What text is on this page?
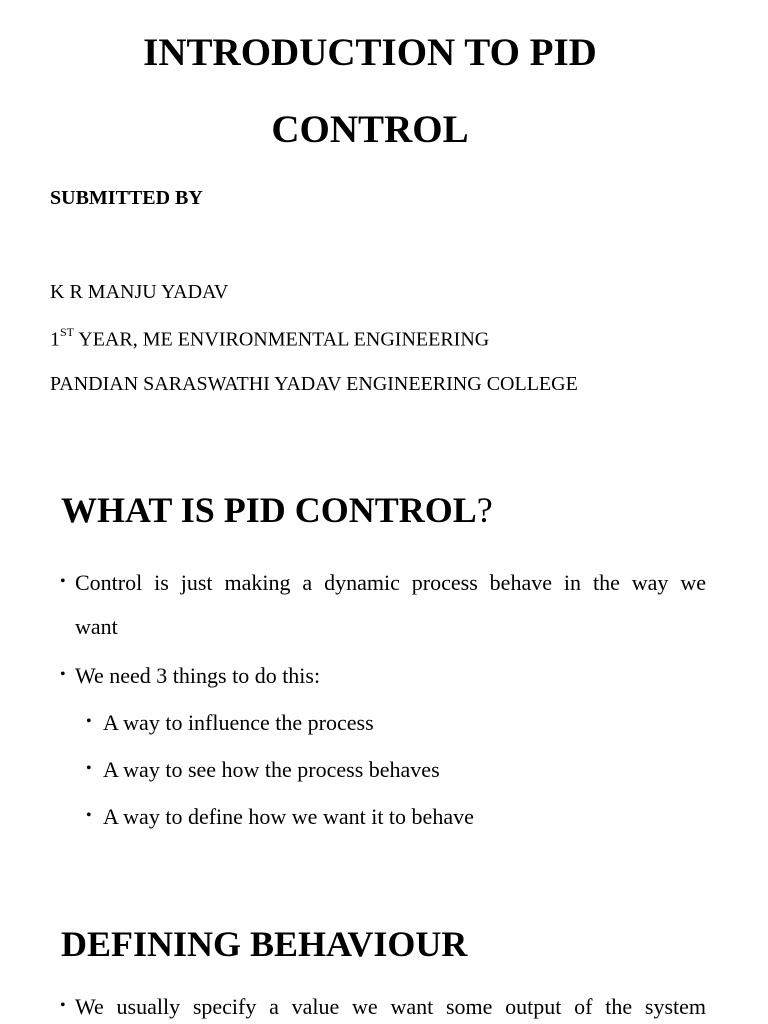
INTRODUCTION TO PID
CONTROL
SUBMITTED BY
K R MANJU YADAV
1ST YEAR, ME ENVIRONMENTAL ENGINEERING
PANDIAN SARASWATHI YADAV ENGINEERING COLLEGE
WHAT IS PID CONTROL?
• Control is just making a dynamic process behave in the way we
want
• We need 3 things to do this:
• A way to influence the process
• A way to see how the process behaves
• A way to define how we want it to behave
DEFINING BEHAVIOUR
• We usually specify a value we want some output of the system
